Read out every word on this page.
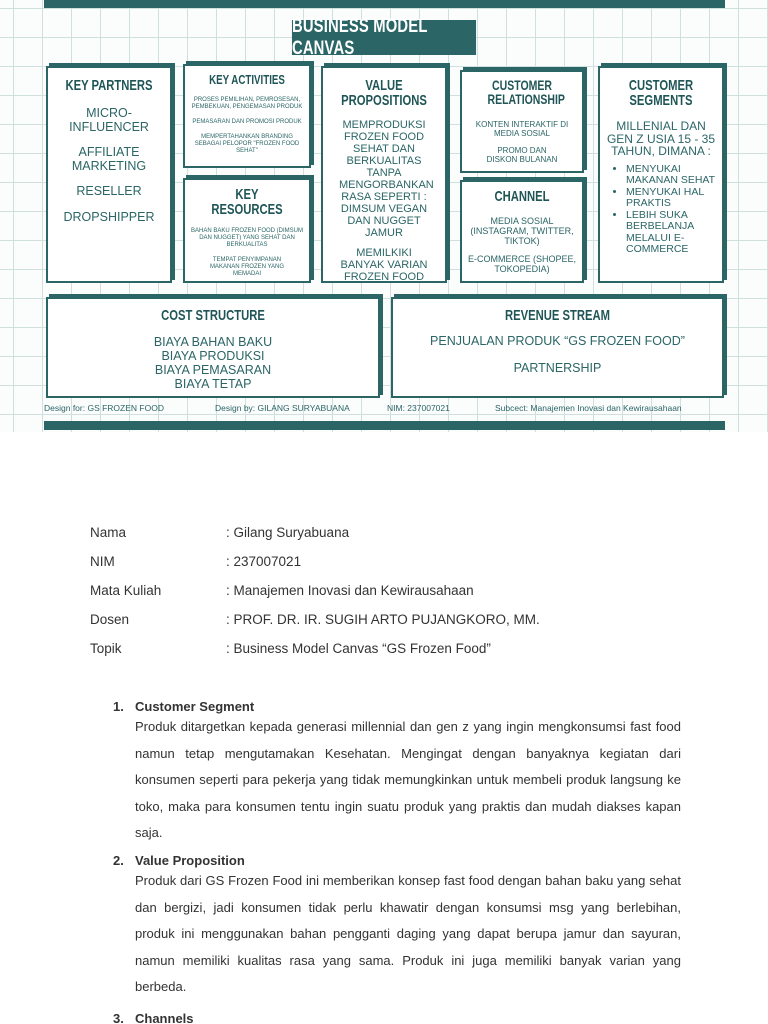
BUSINESS MODEL CANVAS
KEY PARTNERS
MICRO-INFLUENCER
AFFILIATE MARKETING
RESELLER
DROPSHIPPER
KEY ACTIVITIES
PROSES PEMILIHAN, PEMROSESAN, PEMBEKUAN, PENGEMASAN PRODUK
PEMASARAN DAN PROMOSI PRODUK
MEMPERTAHANKAN BRANDING SEBAGAI PELOPOR "FROZEN FOOD SEHAT"
KEY RESOURCES
BAHAN BAKU FROZEN FOOD (DIMSUM DAN NUGGET) YANG SEHAT DAN BERKUALITAS
TEMPAT PENYIMPANAN MAKANAN FROZEN YANG MEMADAI
VALUE PROPOSITIONS
MEMPRODUKSI FROZEN FOOD SEHAT DAN BERKUALITAS TANPA MENGORBANKAN RASA SEPERTI : DIMSUM VEGAN DAN NUGGET JAMUR
MEMILKIKI BANYAK VARIAN FROZEN FOOD
CUSTOMER RELATIONSHIP
KONTEN INTERAKTIF DI MEDIA SOSIAL
PROMO DAN DISKON BULANAN
CHANNEL
MEDIA SOSIAL (INSTAGRAM, TWITTER, TIKTOK)
E-COMMERCE (SHOPEE, TOKOPEDIA)
CUSTOMER SEGMENTS
MILLENIAL DAN GEN Z USIA 15 - 35 TAHUN, DIMANA :
• MENYUKAI MAKANAN SEHAT
• MENYUKAI HAL PRAKTIS
• LEBIH SUKA BERBELANJA MELALUI E-COMMERCE
COST STRUCTURE
BIAYA BAHAN BAKU
BIAYA PRODUKSI
BIAYA PEMASARAN
BIAYA TETAP
REVENUE STREAM
PENJUALAN PRODUK “GS FROZEN FOOD”
PARTNERSHIP
Design for: GS FROZEN FOOD	Design by: GILANG SURYABUANA	NIM: 237007021	Subcect: Manajemen Inovasi dan Kewirausahaan
Nama	: Gilang Suryabuana
NIM	: 237007021
Mata Kuliah	: Manajemen Inovasi dan Kewirausahaan
Dosen	: PROF. DR. IR. SUGIH ARTO PUJANGKORO, MM.
Topik	: Business Model Canvas “GS Frozen Food”
1. Customer Segment
Produk ditargetkan kepada generasi millennial dan gen z yang ingin mengkonsumsi fast food namun tetap mengutamakan Kesehatan. Mengingat dengan banyaknya kegiatan dari konsumen seperti para pekerja yang tidak memungkinkan untuk membeli produk langsung ke toko, maka para konsumen tentu ingin suatu produk yang praktis dan mudah diakses kapan saja.
2. Value Proposition
Produk dari GS Frozen Food ini memberikan konsep fast food dengan bahan baku yang sehat dan bergizi, jadi konsumen tidak perlu khawatir dengan konsumsi msg yang berlebihan, produk ini menggunakan bahan pengganti daging yang dapat berupa jamur dan sayuran, namun memiliki kualitas rasa yang sama. Produk ini juga memiliki banyak varian yang berbeda.
3. Channels
